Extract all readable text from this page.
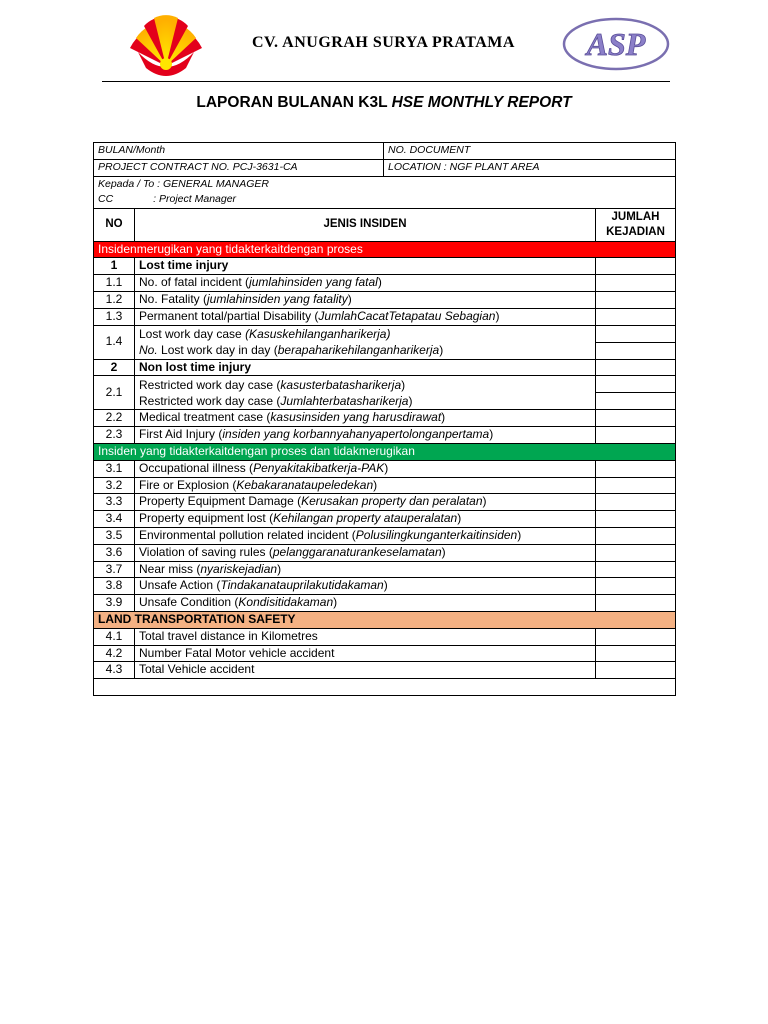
CV. ANUGRAH SURYA PRATAMA ASP
LAPORAN BULANAN K3L HSE MONTHLY REPORT
BULAN/Month		NO. DOCUMENT	
PROJECT CONTRACT NO. PCJ-3631-CA		LOCATION : NGF PLANT AREA	

Kepada / To : GENERAL MANAGER
CC : Project Manager			

NO	JENIS INSIDEN		JUMLAH
KEJADIAN

Insidenmerugikan yang tidakterkaitdengan proses			
1	Lost time injury		
1.1	No. of fatal incident (jumlahinsiden yang fatal)		
1.2	No. Fatality (jumlahinsiden yang fatality)		
1.3	Permanent total/partial Disability (JumlahCacatTetapatau Sebagian)		
1.4	Lost work day case (Kasuskehilanganharikerja)
No. Lost work day in day (berapaharikehilanganharikerja)		

2	Non lost time injury		
2.1	Restricted work day case (kasusterbatasharikerja)
Restricted work day case (Jumlahterbatasharikerja)		

2.2	Medical treatment case (kasusinsiden yang harusdirawat)		
2.3	First Aid Injury (insiden yang korbannyahanyapertolonganpertama)		
Insiden yang tidakterkaitdengan proses dan tidakmerugikan			
3.1	Occupational illness (Penyakitakibatkerja-PAK)		
3.2	Fire or Explosion (Kebakaranataupeledekan)		
3.3	Property Equipment Damage (Kerusakan property dan peralatan)		
3.4	Property equipment lost (Kehilangan property atauperalatan)		
3.5	Environmental pollution related incident (Polusilingkunganterkaitinsiden)		
3.6	Violation of saving rules (pelanggaranaturankeselamatan)		
3.7	Near miss (nyariskejadian)		
3.8	Unsafe Action (Tindakanatauprilakutidakaman)		
3.9	Unsafe Condition (Kondisitidakaman)		
LAND TRANSPORTATION SAFETY			
4.1	Total travel distance in Kilometres		
4.2	Number Fatal Motor vehicle accident		
4.3	Total Vehicle accident		
